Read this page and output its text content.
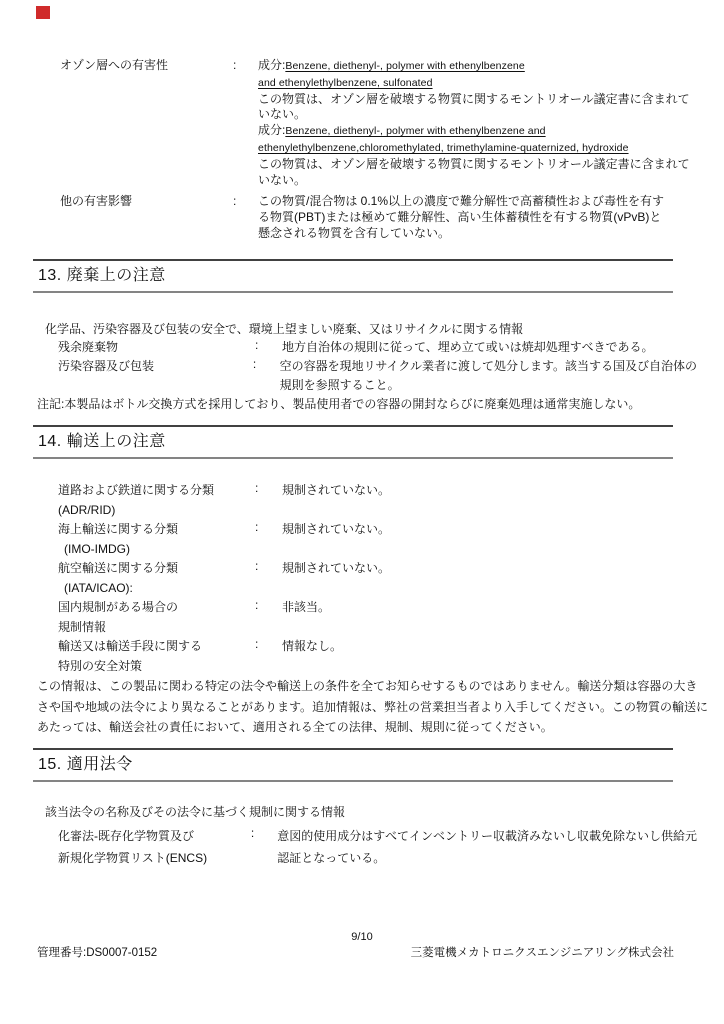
オゾン層への有害性	:	成分:Benzene, diethenyl-, polymer with ethenylbenzene
and ethenylethylbenzene, sulfonated
この物質は、オゾン層を破壊する物質に関するモントリオール議定書に含まれて
いない。
成分:Benzene, diethenyl-, polymer with ethenylbenzene and
ethenylethylbenzene,chloromethylated, trimethylamine-quaternized, hydroxide
この物質は、オゾン層を破壊する物質に関するモントリオール議定書に含まれて
いない。
他の有害影響	:	この物質/混合物は 0.1%以上の濃度で難分解性で高蓄積性および毒性を有す
る物質(PBT)または極めて難分解性、高い生体蓄積性を有する物質(vPvB)と
懸念される物質を含有していない。
13. 廃棄上の注意
化学品、汚染容器及び包装の安全で、環境上望ましい廃棄、又はリサイクルに関する情報
残余廃棄物	:	地方自治体の規則に従って、埋め立て或いは焼却処理すべきである。
汚染容器及び包装	:	空の容器を現地リサイクル業者に渡して処分します。該当する国及び自治体の
規則を参照すること。
注記:本製品はボトル交換方式を採用しており、製品使用者での容器の開封ならびに廃棄処理は通常実施しない。
14. 輸送上の注意
道路および鉄道に関する分類
(ADR/RID)
:	規制されていない。
海上輸送に関する分類
(IMO-IMDG)
:	規制されていない。
航空輸送に関する分類
(IATA/ICAO):
:	規制されていない。
国内規制がある場合の
規制情報
:	非該当。
輸送又は輸送手段に関する
特別の安全対策
:	情報なし。
この情報は、この製品に関わる特定の法令や輸送上の条件を全てお知らせするものではありません。輸送分類は容器の大き
さや国や地域の法令により異なることがあります。追加情報は、弊社の営業担当者より入手してください。この物質の輸送に
あたっては、輸送会社の責任において、適用される全ての法律、規制、規則に従ってください。
15. 適用法令
該当法令の名称及びその法令に基づく規制に関する情報
化審法-既存化学物質及び
新規化学物質リスト(ENCS)
:	意図的使用成分はすべてインベントリー収載済みないし収載免除ないし供給元
認証となっている。
9/10
管理番号:DS0007-0152	三菱電機メカトロニクスエンジニアリング株式会社
